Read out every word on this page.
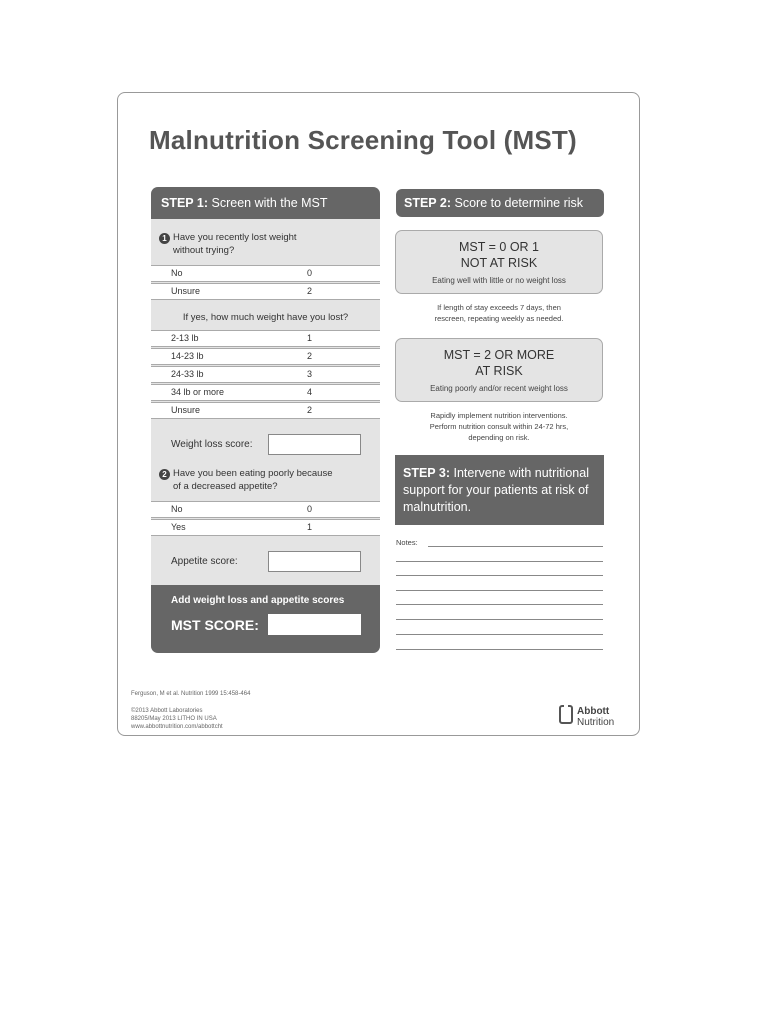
Malnutrition Screening Tool (MST)
STEP 1: Screen with the MST
1 Have you recently lost weight
without trying?
No	0
Unsure	2
If yes, how much weight have you lost?
2-13 lb	1
14-23 lb	2
24-33 lb	3
34 lb or more	4
Unsure	2
Weight loss score:
2 Have you been eating poorly because
of a decreased appetite?
No	0
Yes	1
Appetite score:
Add weight loss and appetite scores
MST SCORE:
STEP 2: Score to determine risk
MST = 0 OR 1
NOT AT RISK
Eating well with little or no weight loss
If length of stay exceeds 7 days, then
rescreen, repeating weekly as needed.
MST = 2 OR MORE
AT RISK
Eating poorly and/or recent weight loss
Rapidly implement nutrition interventions.
Perform nutrition consult within 24-72 hrs,
depending on risk.
STEP 3: Intervene with nutritional support for your patients at risk of malnutrition.
Notes:
Ferguson, M et al. Nutrition 1999 15:458-464
©2013 Abbott Laboratories
88205/May 2013 LITHO IN USA
www.abbottnutrition.com/abbottcht
Abbott
Nutrition
